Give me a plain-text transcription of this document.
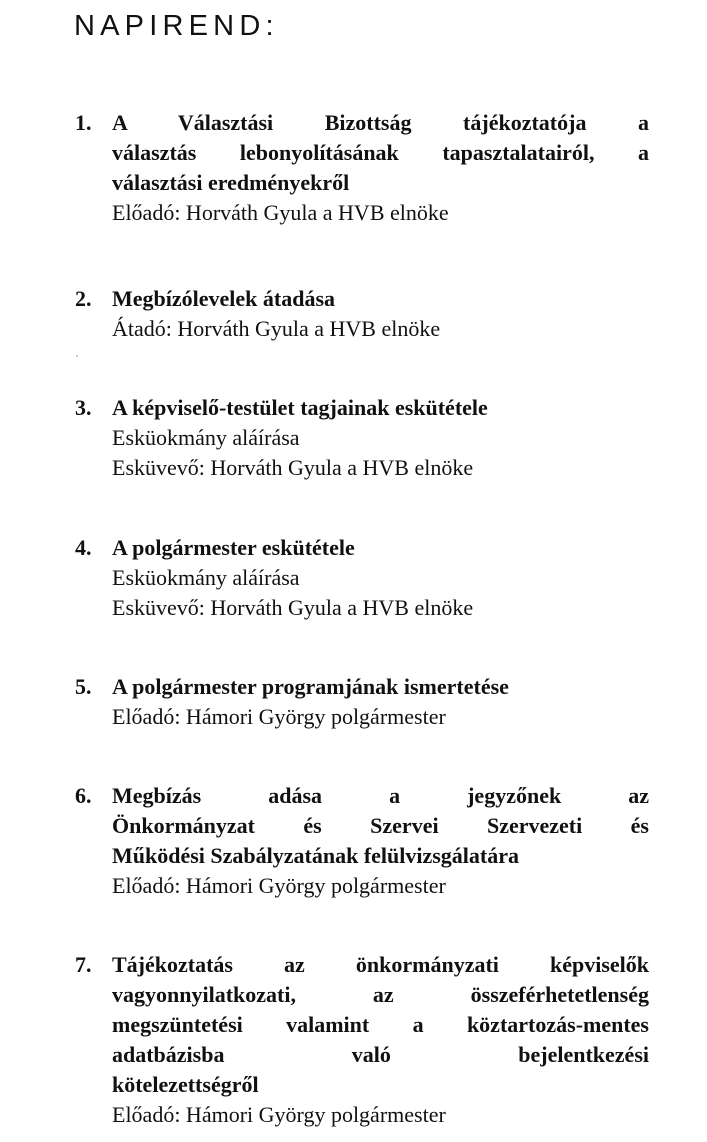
NAPIREND:
1. A Választási Bizottság tájékoztatója a
választás lebonyolításának tapasztalatairól, a
választási eredményekről
Előadó: Horváth Gyula a HVB elnöke
2. Megbízólevelek átadása
Átadó: Horváth Gyula a HVB elnöke
3. A képviselő-testület tagjainak eskütétele
Esküokmány aláírása
Esküvevő: Horváth Gyula a HVB elnöke
4. A polgármester eskütétele
Esküokmány aláírása
Esküvevő: Horváth Gyula a HVB elnöke
5. A polgármester programjának ismertetése
Előadó: Hámori György polgármester
6. Megbízás adása a jegyzőnek az
Önkormányzat és Szervei Szervezeti és
Működési Szabályzatának felülvizsgálatára
Előadó: Hámori György polgármester
7. Tájékoztatás az önkormányzati képviselők
vagyonnyilatkozati, az összeférhetetlenség
megszüntetési valamint a köztartozás-mentes
adatbázisba való bejelentkezési
kötelezettségről
Előadó: Hámori György polgármester
